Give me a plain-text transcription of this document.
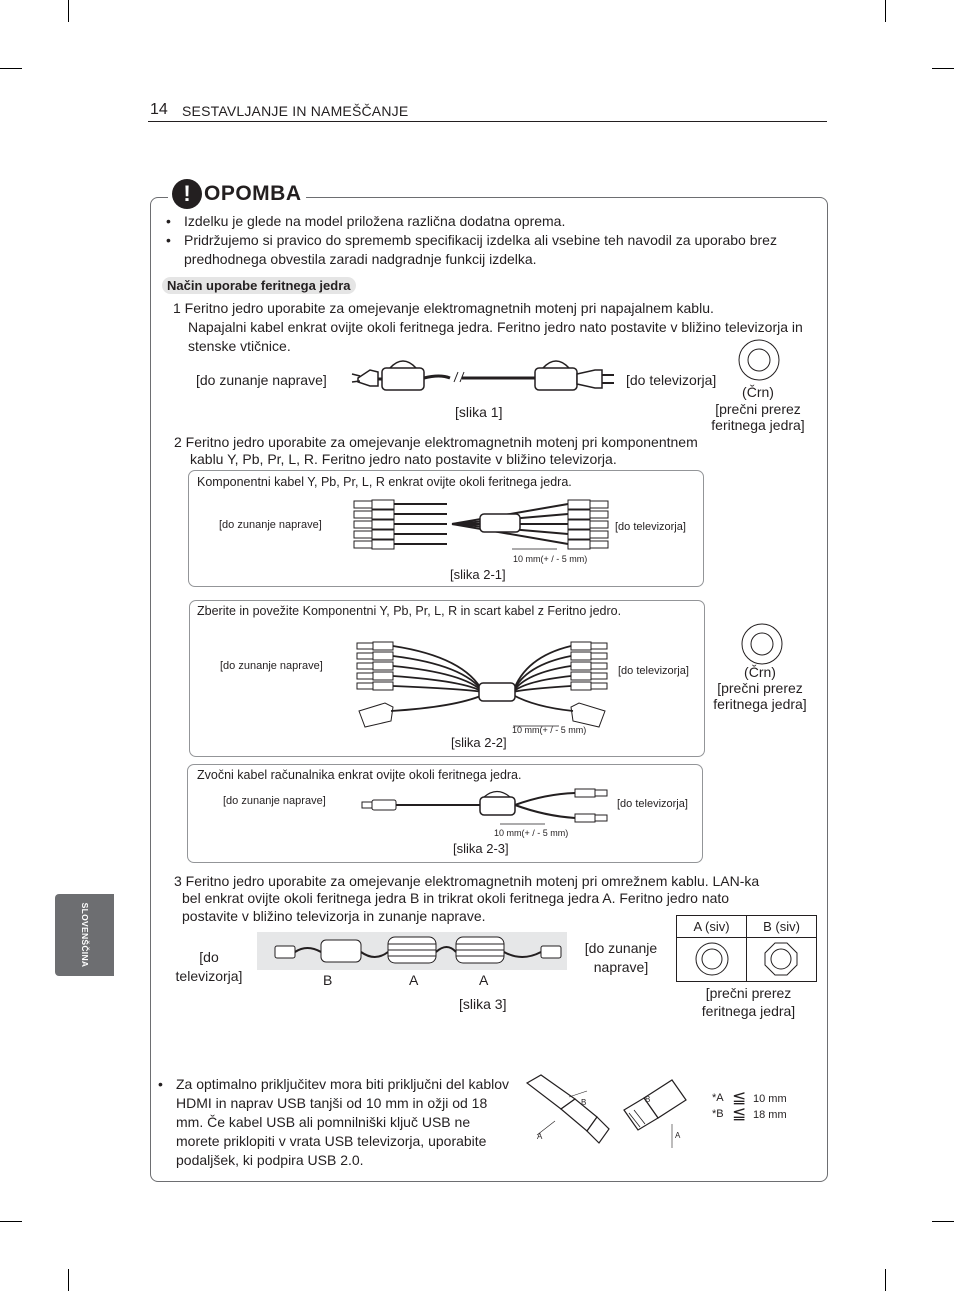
14 SESTAVLJANJE IN NAMEŠČANJE
SLOVENŠČINA
! OPOMBA
• Izdelku je glede na model priložena različna dodatna oprema.
• Pridržujemo si pravico do sprememb specifikacij izdelka ali vsebine teh navodil za uporabo brez predhodnega obvestila zaradi nadgradnje funkcij izdelka.
Način uporabe feritnega jedra
1 Feritno jedro uporabite za omejevanje elektromagnetnih motenj pri napajalnem kablu.
Napajalni kabel enkrat ovijte okoli feritnega jedra. Feritno jedro nato postavite v bližino televizorja in
stenske vtičnice.
[do zunanje naprave]	[do televizorja]
[slika 1]
(Črn)
[prečni prerez
feritnega jedra]
2 Feritno jedro uporabite za omejevanje elektromagnetnih motenj pri komponentnem
kablu Y, Pb, Pr, L, R. Feritno jedro nato postavite v bližino televizorja.
Komponentni kabel Y, Pb, Pr, L, R enkrat ovijte okoli feritnega jedra.
[do zunanje naprave]	[do televizorja]
10 mm(+ / - 5 mm)
[slika 2-1]
Zberite in povežite Komponentni Y, Pb, Pr, L, R in scart kabel z Feritno jedro.
[do zunanje naprave]	[do televizorja]
10 mm(+ / - 5 mm)
[slika 2-2]
(Črn)
[prečni prerez
feritnega jedra]
Zvočni kabel računalnika enkrat ovijte okoli feritnega jedra.
[do zunanje naprave]	[do televizorja]
10 mm(+ / - 5 mm)
[slika 2-3]
3 Feritno jedro uporabite za omejevanje elektromagnetnih motenj pri omrežnem kablu. LAN-ka
bel enkrat ovijte okoli feritnega jedra B in trikrat okoli feritnega jedra A. Feritno jedro nato
postavite v bližino televizorja in zunanje naprave.
[do
televizorja]
[do zunanje
naprave]
B	A	A
[slika 3]
A (siv)	B (siv)
[prečni prerez
feritnega jedra]
• Za optimalno priključitev mora biti priključni del kablov
HDMI in naprav USB tanjši od 10 mm in ožji od 18
mm. Če kabel USB ali pomnilniški ključ USB ne
morete priklopiti v vrata USB televizorja, uporabite
podaljšek, ki podpira USB 2.0.
A
B	B
A
*A ≦ 10 mm
*B ≦ 18 mm
